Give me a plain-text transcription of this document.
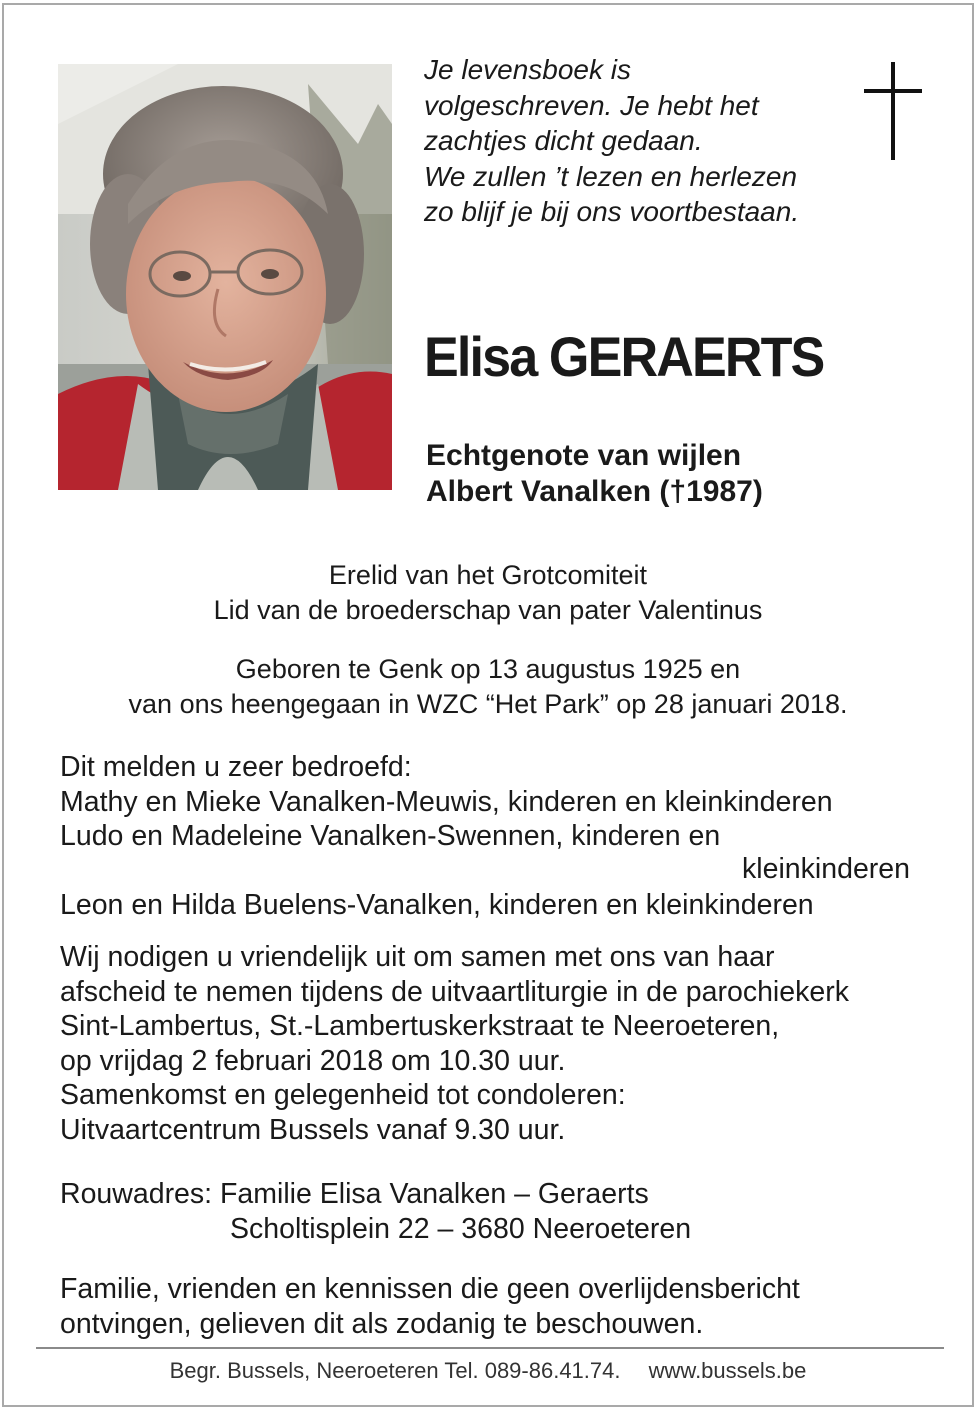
Je levensboek is
volgeschreven. Je hebt het
zachtjes dicht gedaan.
We zullen ’t lezen en herlezen
zo blijf je bij ons voortbestaan.
Elisa GERAERTS
Echtgenote van wijlen
Albert Vanalken (†1987)
Erelid van het Grotcomiteit
Lid van de broederschap van pater Valentinus
Geboren te Genk op 13 augustus 1925 en
van ons heengegaan in WZC “Het Park” op 28 januari 2018.
Dit melden u zeer bedroefd:
Mathy en Mieke Vanalken-Meuwis, kinderen en kleinkinderen
Ludo en Madeleine Vanalken-Swennen, kinderen en
kleinkinderen
Leon en Hilda Buelens-Vanalken, kinderen en kleinkinderen
Wij nodigen u vriendelijk uit om samen met ons van haar
afscheid te nemen tijdens de uitvaartliturgie in de parochiekerk
Sint-Lambertus, St.-Lambertuskerkstraat te Neeroeteren,
op vrijdag 2 februari 2018 om 10.30 uur.
Samenkomst en gelegenheid tot condoleren:
Uitvaartcentrum Bussels vanaf 9.30 uur.
Rouwadres: Familie Elisa Vanalken – Geraerts
Scholtisplein 22 – 3680 Neeroeteren
Familie, vrienden en kennissen die geen overlijdensbericht
ontvingen, gelieven dit als zodanig te beschouwen.
Begr. Bussels, Neeroeteren Tel. 089-86.41.74. www.bussels.be
